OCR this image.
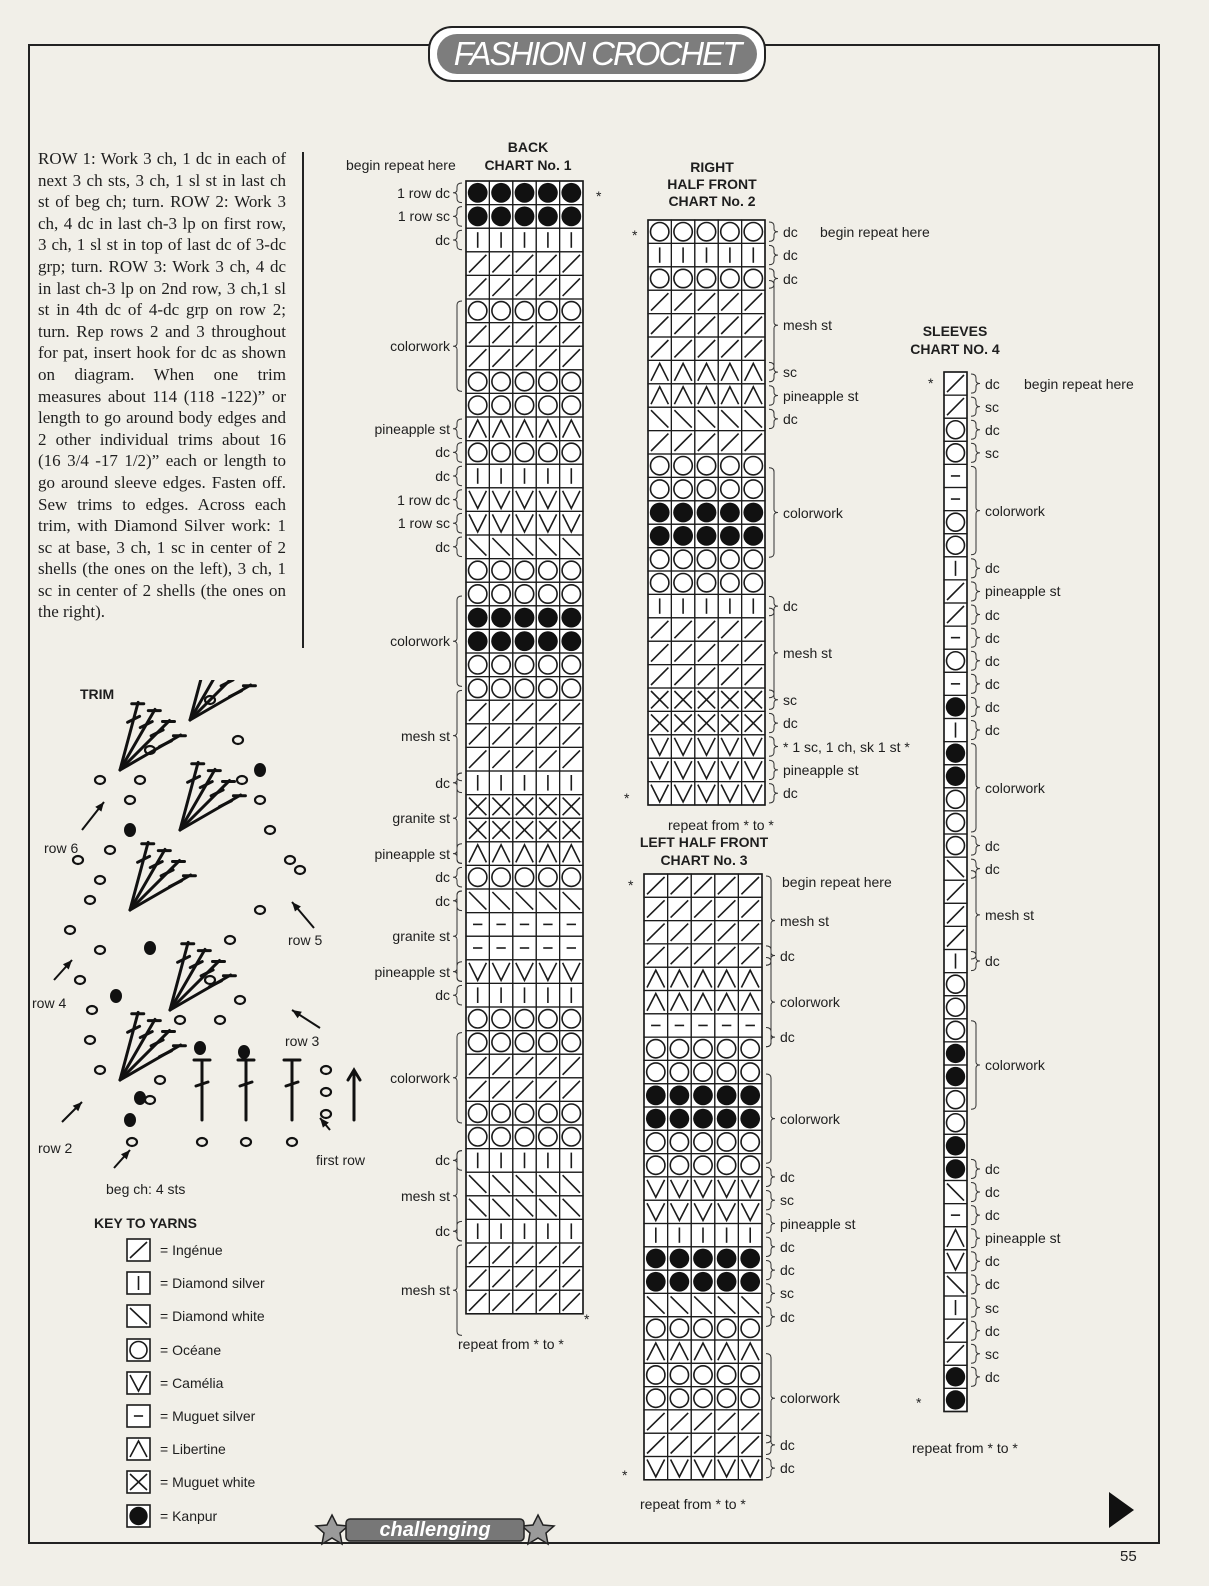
FASHION CROCHET
ROW 1: Work 3 ch, 1 dc in each of next 3 ch sts, 3 ch, 1 sl st in last ch st of beg ch; turn. ROW 2: Work 3 ch, 4 dc in last ch-3 lp on first row, 3 ch, 1 sl st in top of last dc of 3-dc grp; turn. ROW 3: Work 3 ch, 4 dc in last ch-3 lp on 2nd row, 3 ch,1 sl st in 4th dc of 4-dc grp on row 2; turn. Rep rows 2 and 3 throughout for pat, insert hook for dc as shown on diagram. When one trim measures about 114 (118 -122)” or length to go around body edges and 2 other individual trims about 16 (16 3/4 -17 1/2)” each or length to go around sleeve edges. Fasten off. Sew trims to edges. Across each trim, with Diamond Silver work: 1 sc at base, 3 ch, 1 sc in center of 2 shells (the ones on the left), 3 ch, 1 sc in center of 2 shells (the ones on the right).
TRIM
row 6
row 5
row 4
row 3
row 2
first row
beg ch: 4 sts
KEY TO YARNS
= Ingénue
= Diamond silver
= Diamond white
= Océane
= Camélia
= Muguet silver
= Libertine
= Muguet white
= Kanpur
BACK
CHART No. 1
begin repeat here	RIGHT
HALF FRONT
CHART No. 2
LEFT HALF FRONT
CHART No. 3
SLEEVES
CHART NO. 4
*
*
*
*
*
*
*
*
1 row dc
1 row sc
dc
colorwork
pineapple st
dc
dc
1 row dc
1 row sc
dc
colorwork
mesh st
dc
granite st
pineapple st
dc
dc
granite st
pineapple st
dc
colorwork
dc
mesh st
dc
mesh st
repeat from * to *
dc
dc
dc
mesh st
sc
pineapple st
dc
colorwork
dc
mesh st
sc
dc
* 1 sc, 1 ch, sk 1 st *
pineapple st
dc
begin repeat here
repeat from * to *
mesh st
dc
colorwork
dc
colorwork
dc
sc
pineapple st
dc
dc
sc
dc
colorwork
dc
dc
begin repeat here
repeat from * to *
dc
sc
dc
sc
colorwork
dc
pineapple st
dc
dc
dc
dc
dc
dc
colorwork
dc
dc
mesh st
dc
colorwork
dc
dc
dc
pineapple st
dc
dc
sc
dc
sc
dc
begin repeat here
repeat from * to *
challenging
55
